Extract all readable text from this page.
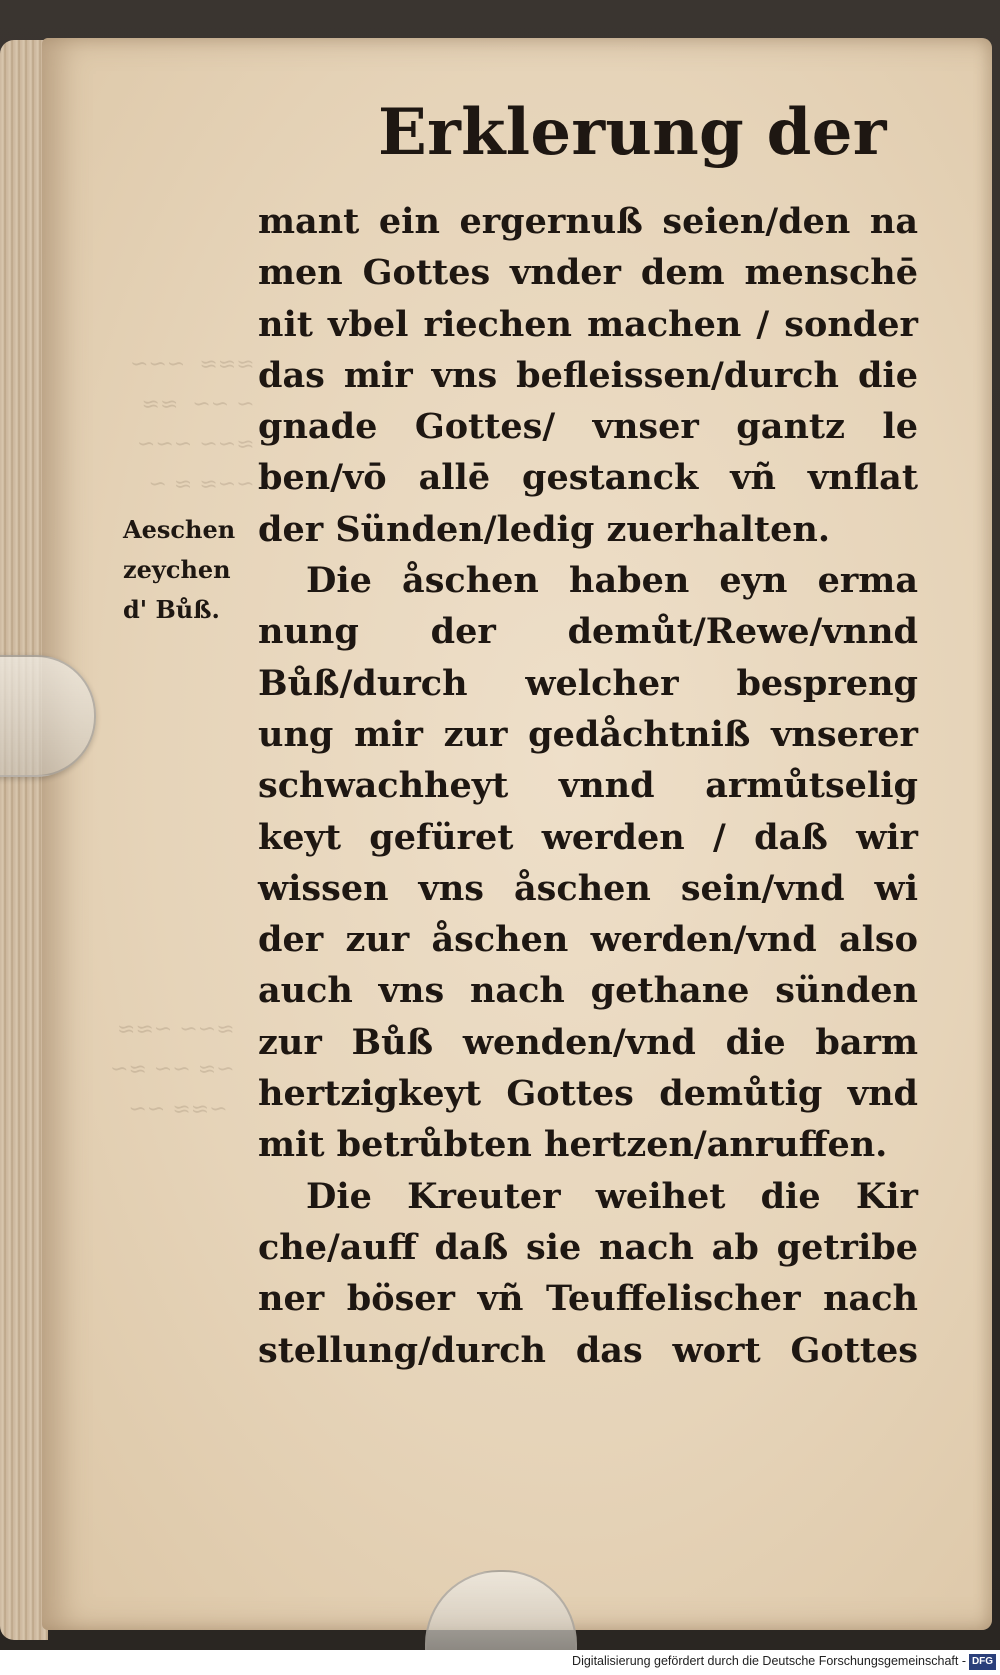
≈≈≈  ~~~
~ ~~  ≈≈
≈~~ ~~~
~~≈ ≈ ~
≈~~ ~≈≈
~≈ ~~ ≈~
~≈≈ ~~
Erklerung der
Aeschen
zeychen
d' Bůß.
mant ein ergernuß seien/den na
men Gottes vnder dem menschē
nit vbel riechen machen / sonder
das mir vns befleissen/durch die
gnade Gottes/ vnser gantz le
ben/vō allē gestanck vñ vnflat
der Sünden/ledig zuerhalten.
Die åschen haben eyn erma
nung der demůt/Rewe/vnnd
Bůß/durch welcher bespreng
ung mir zur gedåchtniß vnserer
schwachheyt vnnd armůtselig
keyt gefüret werden / daß wir
wissen vns åschen sein/vnd wi
der zur åschen werden/vnd also
auch vns nach gethane sünden
zur Bůß wenden/vnd die barm
hertzigkeyt Gottes demůtig vnd
mit betrůbten hertzen/anruffen.
Die Kreuter weihet die Kir
che/auff daß sie nach ab getribe
ner böser vñ Teuffelischer nach
stellung/durch das wort Gottes
Digitalisierung gefördert durch die Deutsche Forschungsgemeinschaft - DFG
